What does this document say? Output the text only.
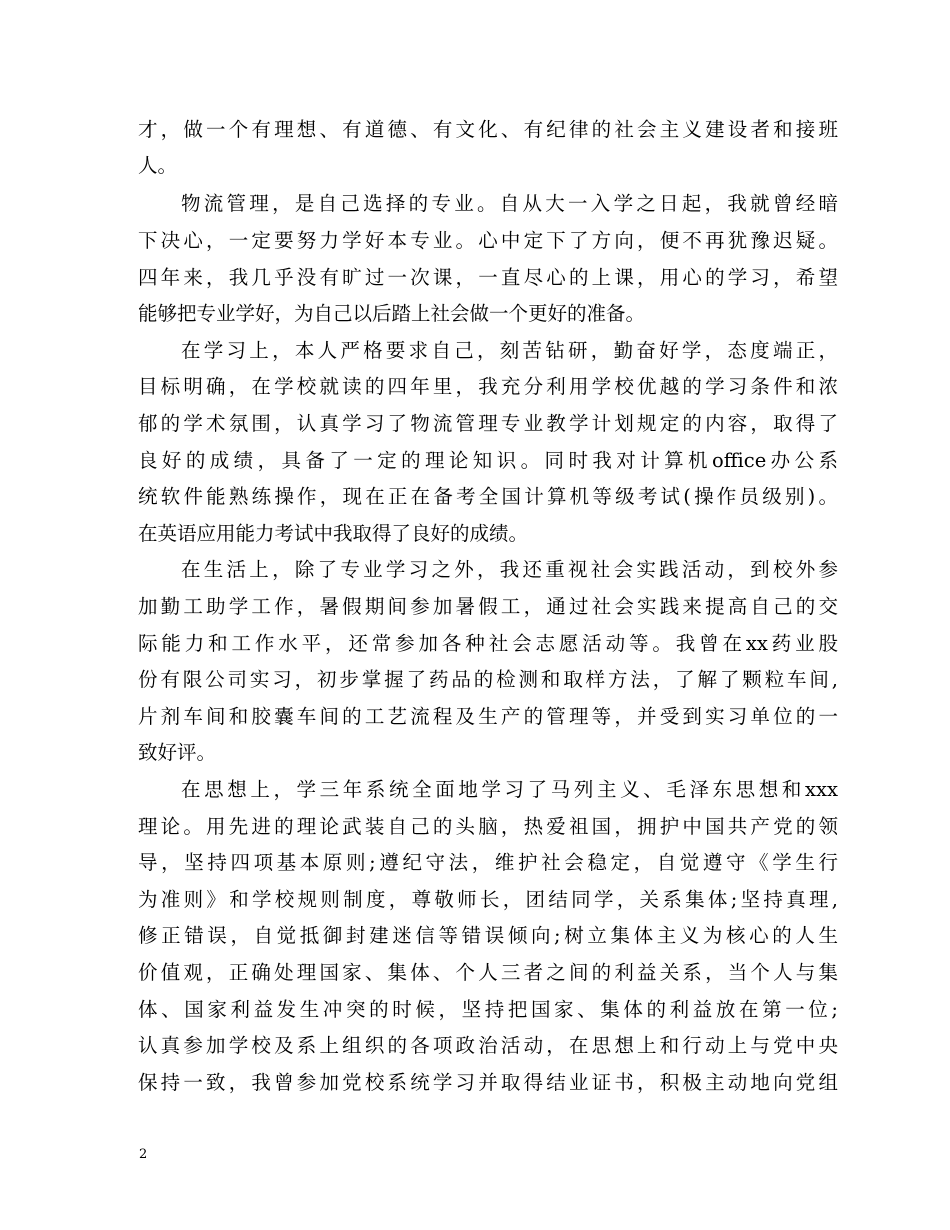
才，做一个有理想、有道德、有文化、有纪律的社会主义建设者和接班
人。
物流管理，是自己选择的专业。自从大一入学之日起，我就曾经暗
下决心，一定要努力学好本专业。心中定下了方向，便不再犹豫迟疑。
四年来，我几乎没有旷过一次课，一直尽心的上课，用心的学习，希望
能够把专业学好，为自己以后踏上社会做一个更好的准备。
在学习上，本人严格要求自己，刻苦钻研，勤奋好学，态度端正，
目标明确，在学校就读的四年里，我充分利用学校优越的学习条件和浓
郁的学术氛围，认真学习了物流管理专业教学计划规定的内容，取得了
良好的成绩，具备了一定的理论知识。同时我对计算机office办公系
统软件能熟练操作，现在正在备考全国计算机等级考试(操作员级别)。
在英语应用能力考试中我取得了良好的成绩。
在生活上，除了专业学习之外，我还重视社会实践活动，到校外参
加勤工助学工作，暑假期间参加暑假工，通过社会实践来提高自己的交
际能力和工作水平，还常参加各种社会志愿活动等。我曾在xx药业股
份有限公司实习，初步掌握了药品的检测和取样方法，了解了颗粒车间,
片剂车间和胶囊车间的工艺流程及生产的管理等，并受到实习单位的一
致好评。
在思想上，学三年系统全面地学习了马列主义、毛泽东思想和xxx
理论。用先进的理论武装自己的头脑，热爱祖国，拥护中国共产党的领
导，坚持四项基本原则;遵纪守法，维护社会稳定，自觉遵守《学生行
为准则》和学校规则制度，尊敬师长，团结同学，关系集体;坚持真理,
修正错误，自觉抵御封建迷信等错误倾向;树立集体主义为核心的人生
价值观，正确处理国家、集体、个人三者之间的利益关系，当个人与集
体、国家利益发生冲突的时候，坚持把国家、集体的利益放在第一位;
认真参加学校及系上组织的各项政治活动，在思想上和行动上与党中央
保持一致，我曾参加党校系统学习并取得结业证书，积极主动地向党组
2
